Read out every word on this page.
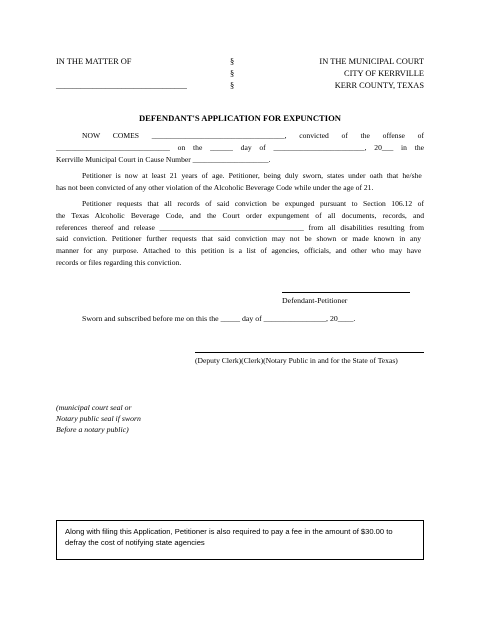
IN THE MATTER OF
________________________________
§
§
§
IN THE MUNICIPAL COURT
CITY OF KERRVILLE
KERR COUNTY, TEXAS
DEFENDANT'S APPLICATION FOR EXPUNCTION
NOW COMES ___________________________________, convicted of the offense of
______________________________ on the ______ day of ________________________, 20___ in the
Kerrville Municipal Court in Cause Number ____________________.
Petitioner is now at least 21 years of age. Petitioner, being duly sworn, states under oath that he/she
has not been convicted of any other violation of the Alcoholic Beverage Code while under the age of 21.
Petitioner requests that all records of said conviction be expunged pursuant to Section 106.12 of
the Texas Alcoholic Beverage Code, and the Court order expungement of all documents, records, and
references thereof and release ______________________________________ from all disabilities resulting from
said conviction. Petitioner further requests that said conviction may not be shown or made known in any
manner for any purpose. Attached to this petition is a list of agencies, officials, and other who may have
records or files regarding this conviction.
Defendant-Petitioner
Sworn and subscribed before me on this the _____ day of ________________, 20____.
(Deputy Clerk)(Clerk)(Notary Public in and for the State of Texas)
(municipal court seal or
Notary public seal if sworn
Before a notary public)
Along with filing this Application, Petitioner is also required to pay a fee in the amount of $30.00 to defray the cost of notifying state agencies
